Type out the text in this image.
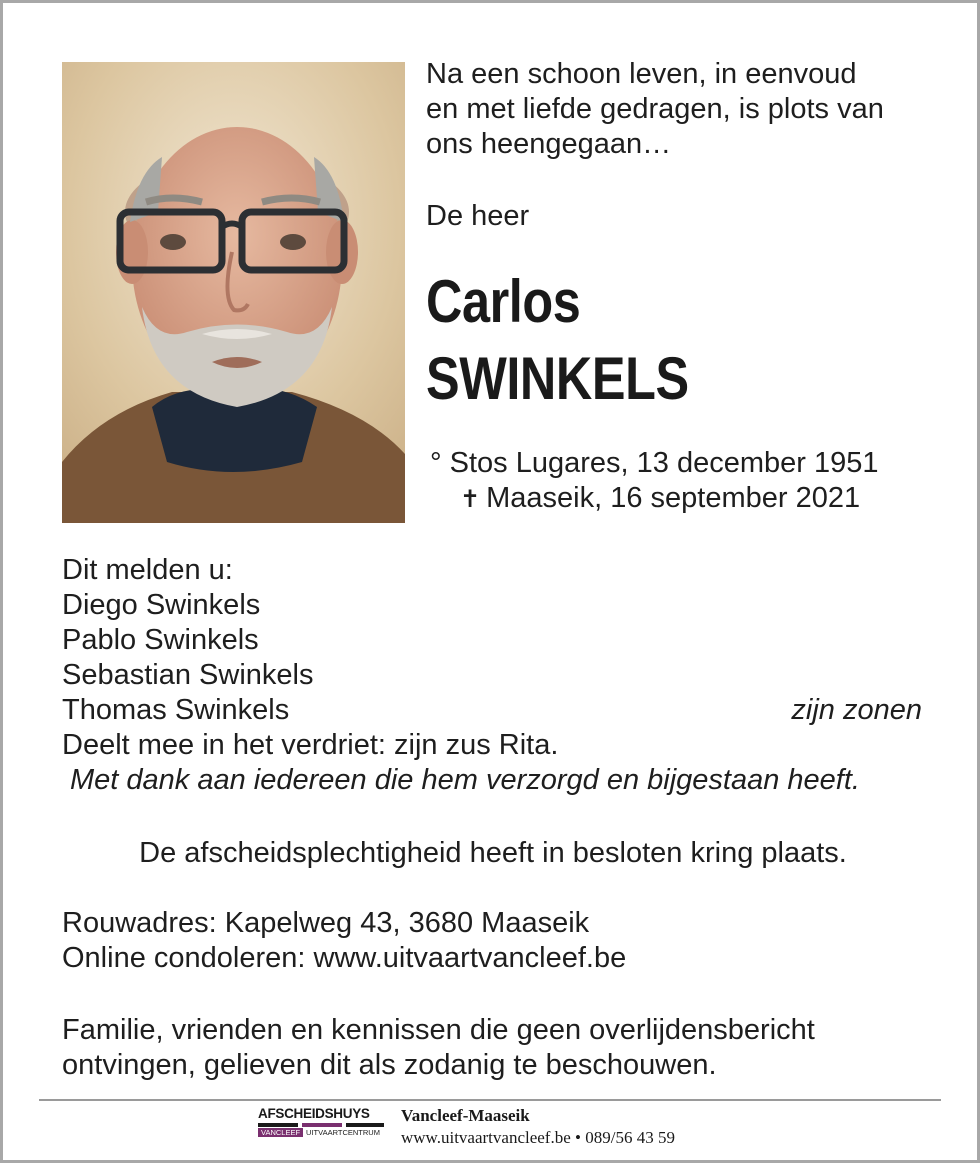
Na een schoon leven, in eenvoud
en met liefde gedragen, is plots van
ons heengegaan…
De heer
Carlos
SWINKELS
° Stos Lugares, 13 december 1951
✝ Maaseik, 16 september 2021
Dit melden u:
Diego Swinkels
Pablo Swinkels
Sebastian Swinkels
Thomas Swinkels	zijn zonen
Deelt mee in het verdriet: zijn zus Rita.
Met dank aan iedereen die hem verzorgd en bijgestaan heeft.
De afscheidsplechtigheid heeft in besloten kring plaats.
Rouwadres: Kapelweg 43, 3680 Maaseik
Online condoleren: www.uitvaartvancleef.be
Familie, vrienden en kennissen die geen overlijdensbericht
ontvingen, gelieven dit als zodanig te beschouwen.
AFSCHEIDSHUYS
VANCLEEF UITVAARTCENTRUM
Vancleef-Maaseik
www.uitvaartvancleef.be • 089/56 43 59
